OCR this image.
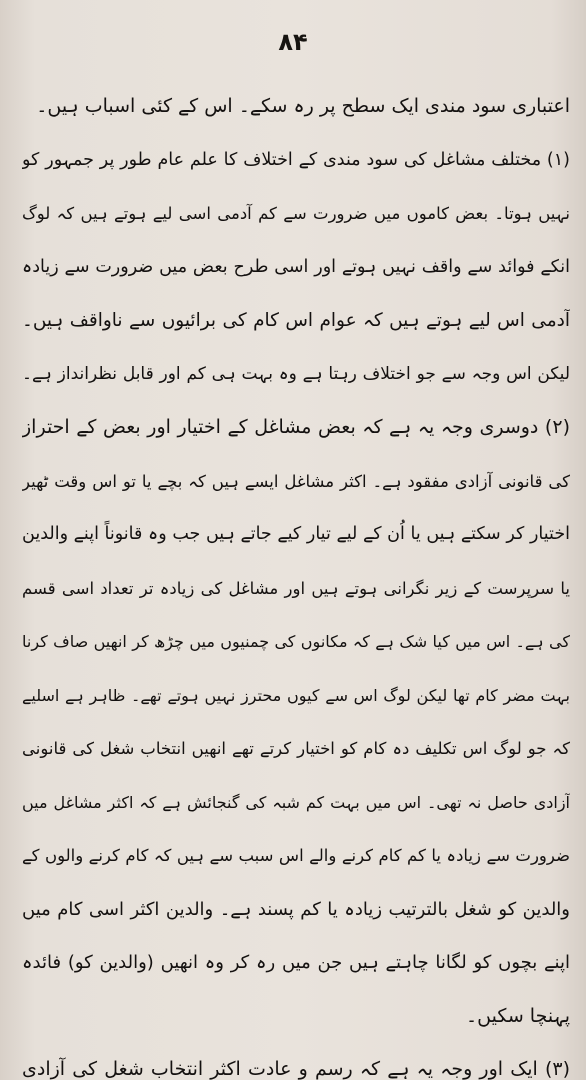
۸۴
اعتباری سود مندی ایک سطح پر رہ سکے۔ اس کے کئی اسباب ہیں۔
(۱) مختلف مشاغل کی سود مندی کے اختلاف کا علم عام طور پر جمہور کو
نہیں ہوتا۔ بعض کاموں میں ضرورت سے کم آدمی اسی لیے ہوتے ہیں کہ لوگ
انکے فوائد سے واقف نہیں ہوتے اور اسی طرح بعض میں ضرورت سے زیادہ
آدمی اس لیے ہوتے ہیں کہ عوام اس کام کی برائیوں سے ناواقف ہیں۔
لیکن اس وجہ سے جو اختلاف رہتا ہے وہ بہت ہی کم اور قابل نظرانداز ہے۔
(۲) دوسری وجہ یہ ہے کہ بعض مشاغل کے اختیار اور بعض کے احتراز
کی قانونی آزادی مفقود ہے۔ اکثر مشاغل ایسے ہیں کہ بچے یا تو اس وقت ٹھیر
اختیار کر سکتے ہیں یا اُن کے لیے تیار کیے جاتے ہیں جب وہ قانوناً اپنے والدین
یا سرپرست کے زیر نگرانی ہوتے ہیں اور مشاغل کی زیادہ تر تعداد اسی قسم
کی ہے۔ اس میں کیا شک ہے کہ مکانوں کی چمنیوں میں چڑھ کر انھیں صاف کرنا
بہت مضر کام تھا لیکن لوگ اس سے کیوں محترز نہیں ہوتے تھے۔ ظاہر ہے اسلیے
کہ جو لوگ اس تکلیف دہ کام کو اختیار کرتے تھے انھیں انتخاب شغل کی قانونی
آزادی حاصل نہ تھی۔ اس میں بہت کم شبہ کی گنجائش ہے کہ اکثر مشاغل میں
ضرورت سے زیادہ یا کم کام کرنے والے اس سبب سے ہیں کہ کام کرنے والوں کے
والدین کو شغل بالترتیب زیادہ یا کم پسند ہے۔ والدین اکثر اسی کام میں
اپنے بچوں کو لگانا چاہتے ہیں جن میں رہ کر وہ انھیں (والدین کو) فائدہ
پہنچا سکیں۔
(۳) ایک اور وجہ یہ ہے کہ رسم و عادت اکثر انتخاب شغل کی آزادی
